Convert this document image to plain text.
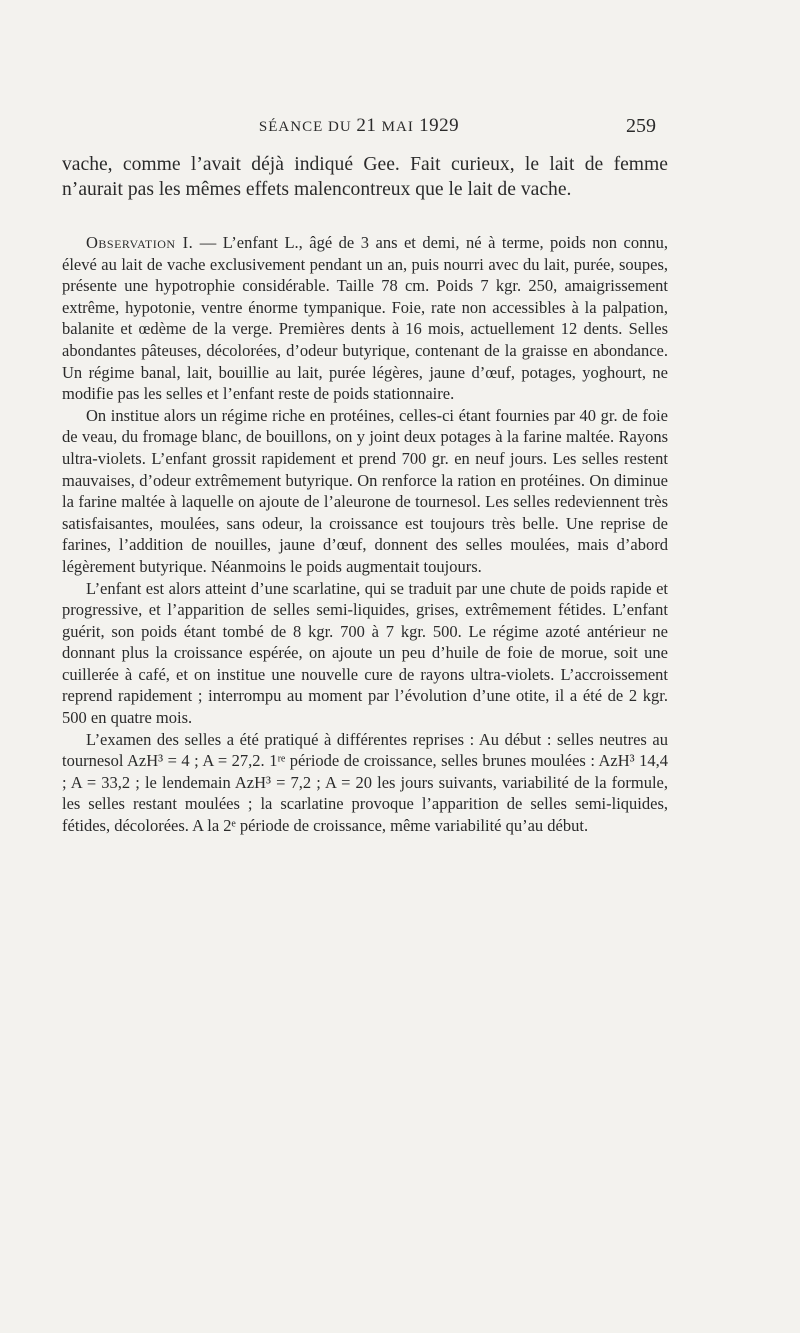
SÉANCE DU 21 MAI 1929	259

vache, comme l’avait déjà indiqué Gee. Fait curieux, le lait de femme n’aurait pas les mêmes effets malencontreux que le lait de vache.

Observation I. — L’enfant L., âgé de 3 ans et demi, né à terme, poids non connu, élevé au lait de vache exclusivement pendant un an, puis nourri avec du lait, purée, soupes, présente une hypotrophie considérable. Taille 78 cm. Poids 7 kgr. 250, amaigrissement extrême, hypotonie, ventre énorme tympanique. Foie, rate non accessibles à la palpation, balanite et œdème de la verge. Premières dents à 16 mois, actuellement 12 dents. Selles abondantes pâteuses, décolorées, d’odeur butyrique, contenant de la graisse en abondance. Un régime banal, lait, bouillie au lait, purée légères, jaune d’œuf, potages, yoghourt, ne modifie pas les selles et l’enfant reste de poids stationnaire.

On institue alors un régime riche en protéines, celles-ci étant fournies par 40 gr. de foie de veau, du fromage blanc, de bouillons, on y joint deux potages à la farine maltée. Rayons ultra-violets. L’enfant grossit rapidement et prend 700 gr. en neuf jours. Les selles restent mauvaises, d’odeur extrêmement butyrique. On renforce la ration en protéines. On diminue la farine maltée à laquelle on ajoute de l’aleurone de tournesol. Les selles redeviennent très satisfaisantes, moulées, sans odeur, la croissance est toujours très belle. Une reprise de farines, l’addition de nouilles, jaune d’œuf, donnent des selles moulées, mais d’abord légèrement butyrique. Néanmoins le poids augmentait toujours.

L’enfant est alors atteint d’une scarlatine, qui se traduit par une chute de poids rapide et progressive, et l’apparition de selles semi-liquides, grises, extrêmement fétides. L’enfant guérit, son poids étant tombé de 8 kgr. 700 à 7 kgr. 500. Le régime azoté antérieur ne donnant plus la croissance espérée, on ajoute un peu d’huile de foie de morue, soit une cuillerée à café, et on institue une nouvelle cure de rayons ultra-violets. L’accroissement reprend rapidement ; interrompu au moment par l’évolution d’une otite, il a été de 2 kgr. 500 en quatre mois.

L’examen des selles a été pratiqué à différentes reprises : Au début : selles neutres au tournesol AzH³ = 4 ; A = 27,2. 1ʳᵉ période de croissance, selles brunes moulées : AzH³ 14,4 ; A = 33,2 ; le lendemain AzH³ = 7,2 ; A = 20 les jours suivants, variabilité de la formule, les selles restant moulées ; la scarlatine provoque l’apparition de selles semi-liquides, fétides, décolorées. A la 2ᵉ période de croissance, même variabilité qu’au début.
